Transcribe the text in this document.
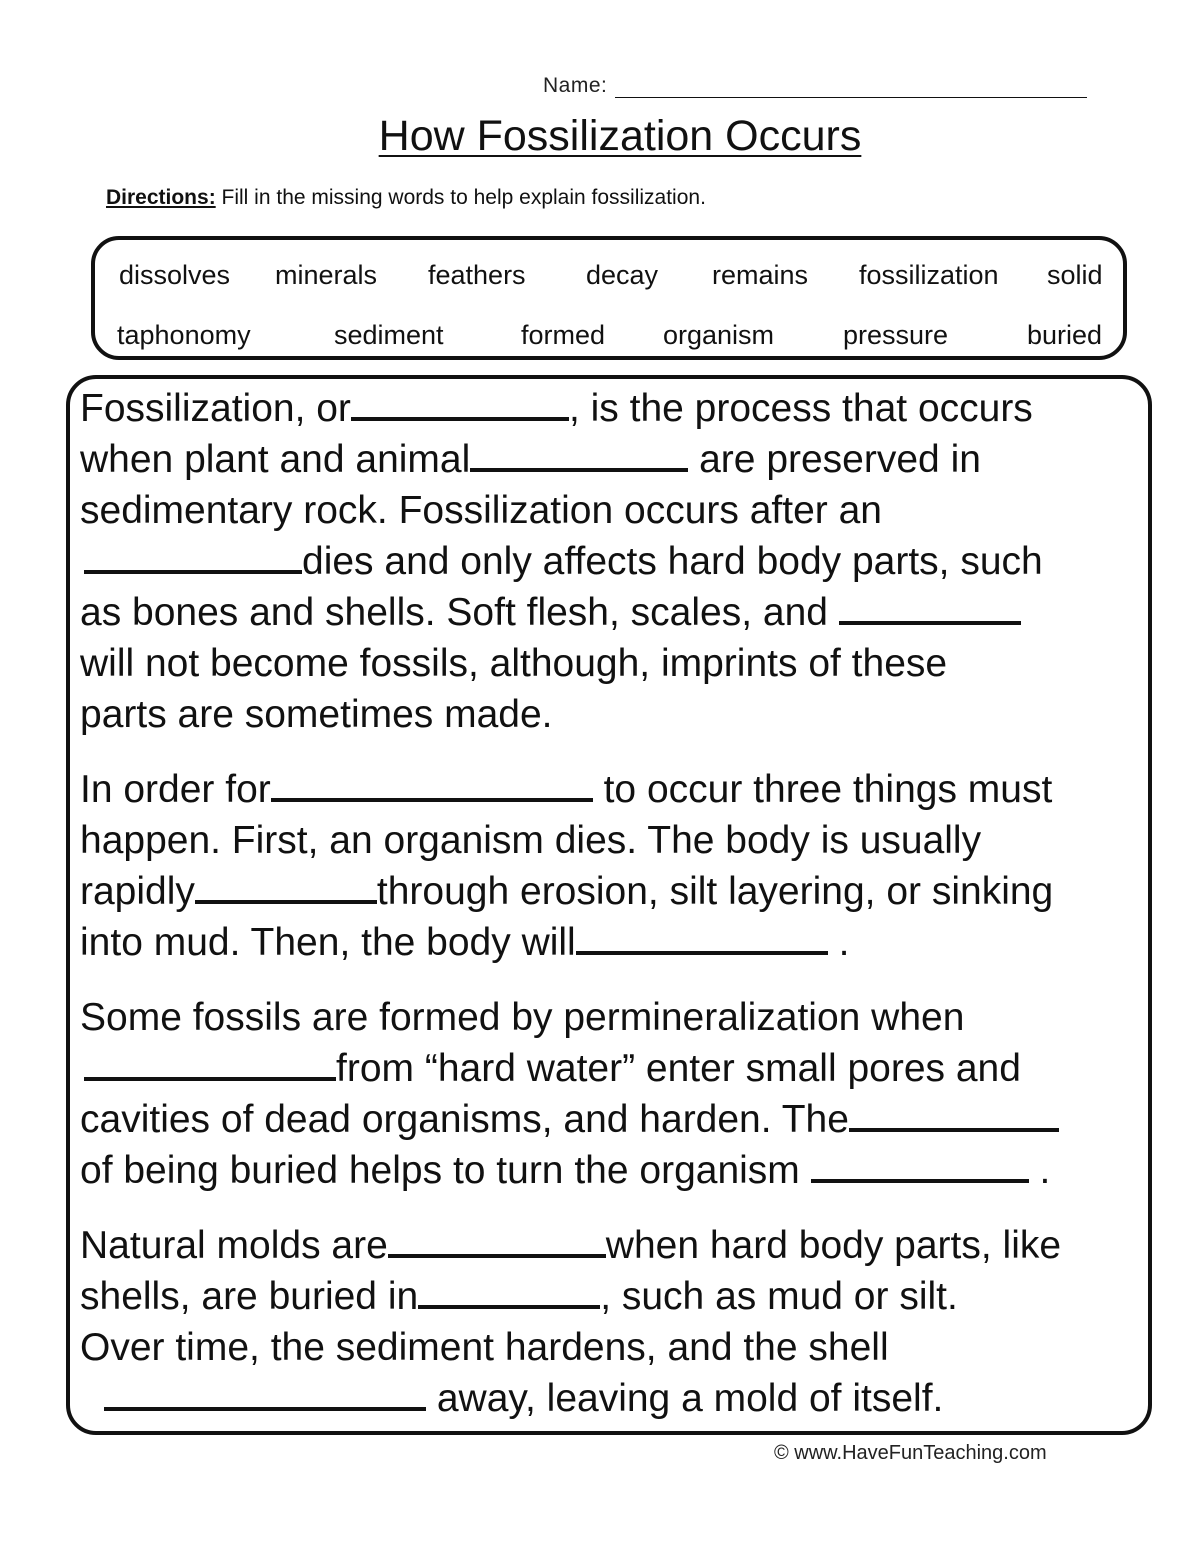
Name:
How Fossilization Occurs
Directions: Fill in the missing words to help explain fossilization.
dissolves minerals feathers decay remains fossilization solid
taphonomy	sediment	formed organism	pressure	buried
Fossilization, or	, is the process that occurs
when plant and animal	are preserved in
sedimentary rock. Fossilization occurs after an
dies and only affects hard body parts, such
as bones and shells. Soft flesh, scales, and
will not become fossils, although, imprints of these
parts are sometimes made.
In order for	to occur three things must
happen. First, an organism dies. The body is usually
rapidly	through erosion, silt layering, or sinking
into mud. Then, the body will	.
Some fossils are formed by permineralization when
from “hard water” enter small pores and
cavities of dead organisms, and harden. The
of being buried helps to turn the organism	.
Natural molds are	when hard body parts, like
shells, are buried in	, such as mud or silt.
Over time, the sediment hardens, and the shell
away, leaving a mold of itself.
© www.HaveFunTeaching.com
